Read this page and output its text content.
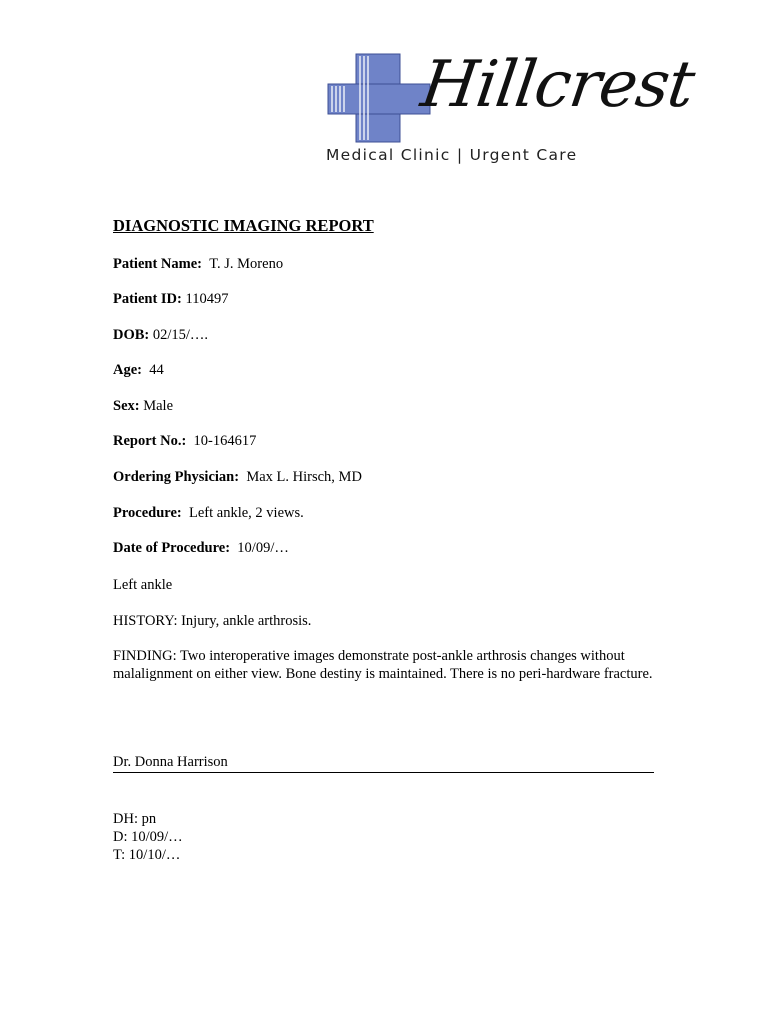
Hillcrest
Medical Clinic | Urgent Care
DIAGNOSTIC IMAGING REPORT
Patient Name: T. J. Moreno
Patient ID: 110497
DOB: 02/15/….
Age: 44
Sex: Male
Report No.: 10-164617
Ordering Physician: Max L. Hirsch, MD
Procedure: Left ankle, 2 views.
Date of Procedure: 10/09/…
Left ankle
HISTORY: Injury, ankle arthrosis.
FINDING: Two interoperative images demonstrate post-ankle arthrosis changes without malalignment on either view. Bone destiny is maintained. There is no peri-hardware fracture.
Dr. Donna Harrison
DH: pn
D: 10/09/…
T: 10/10/…
